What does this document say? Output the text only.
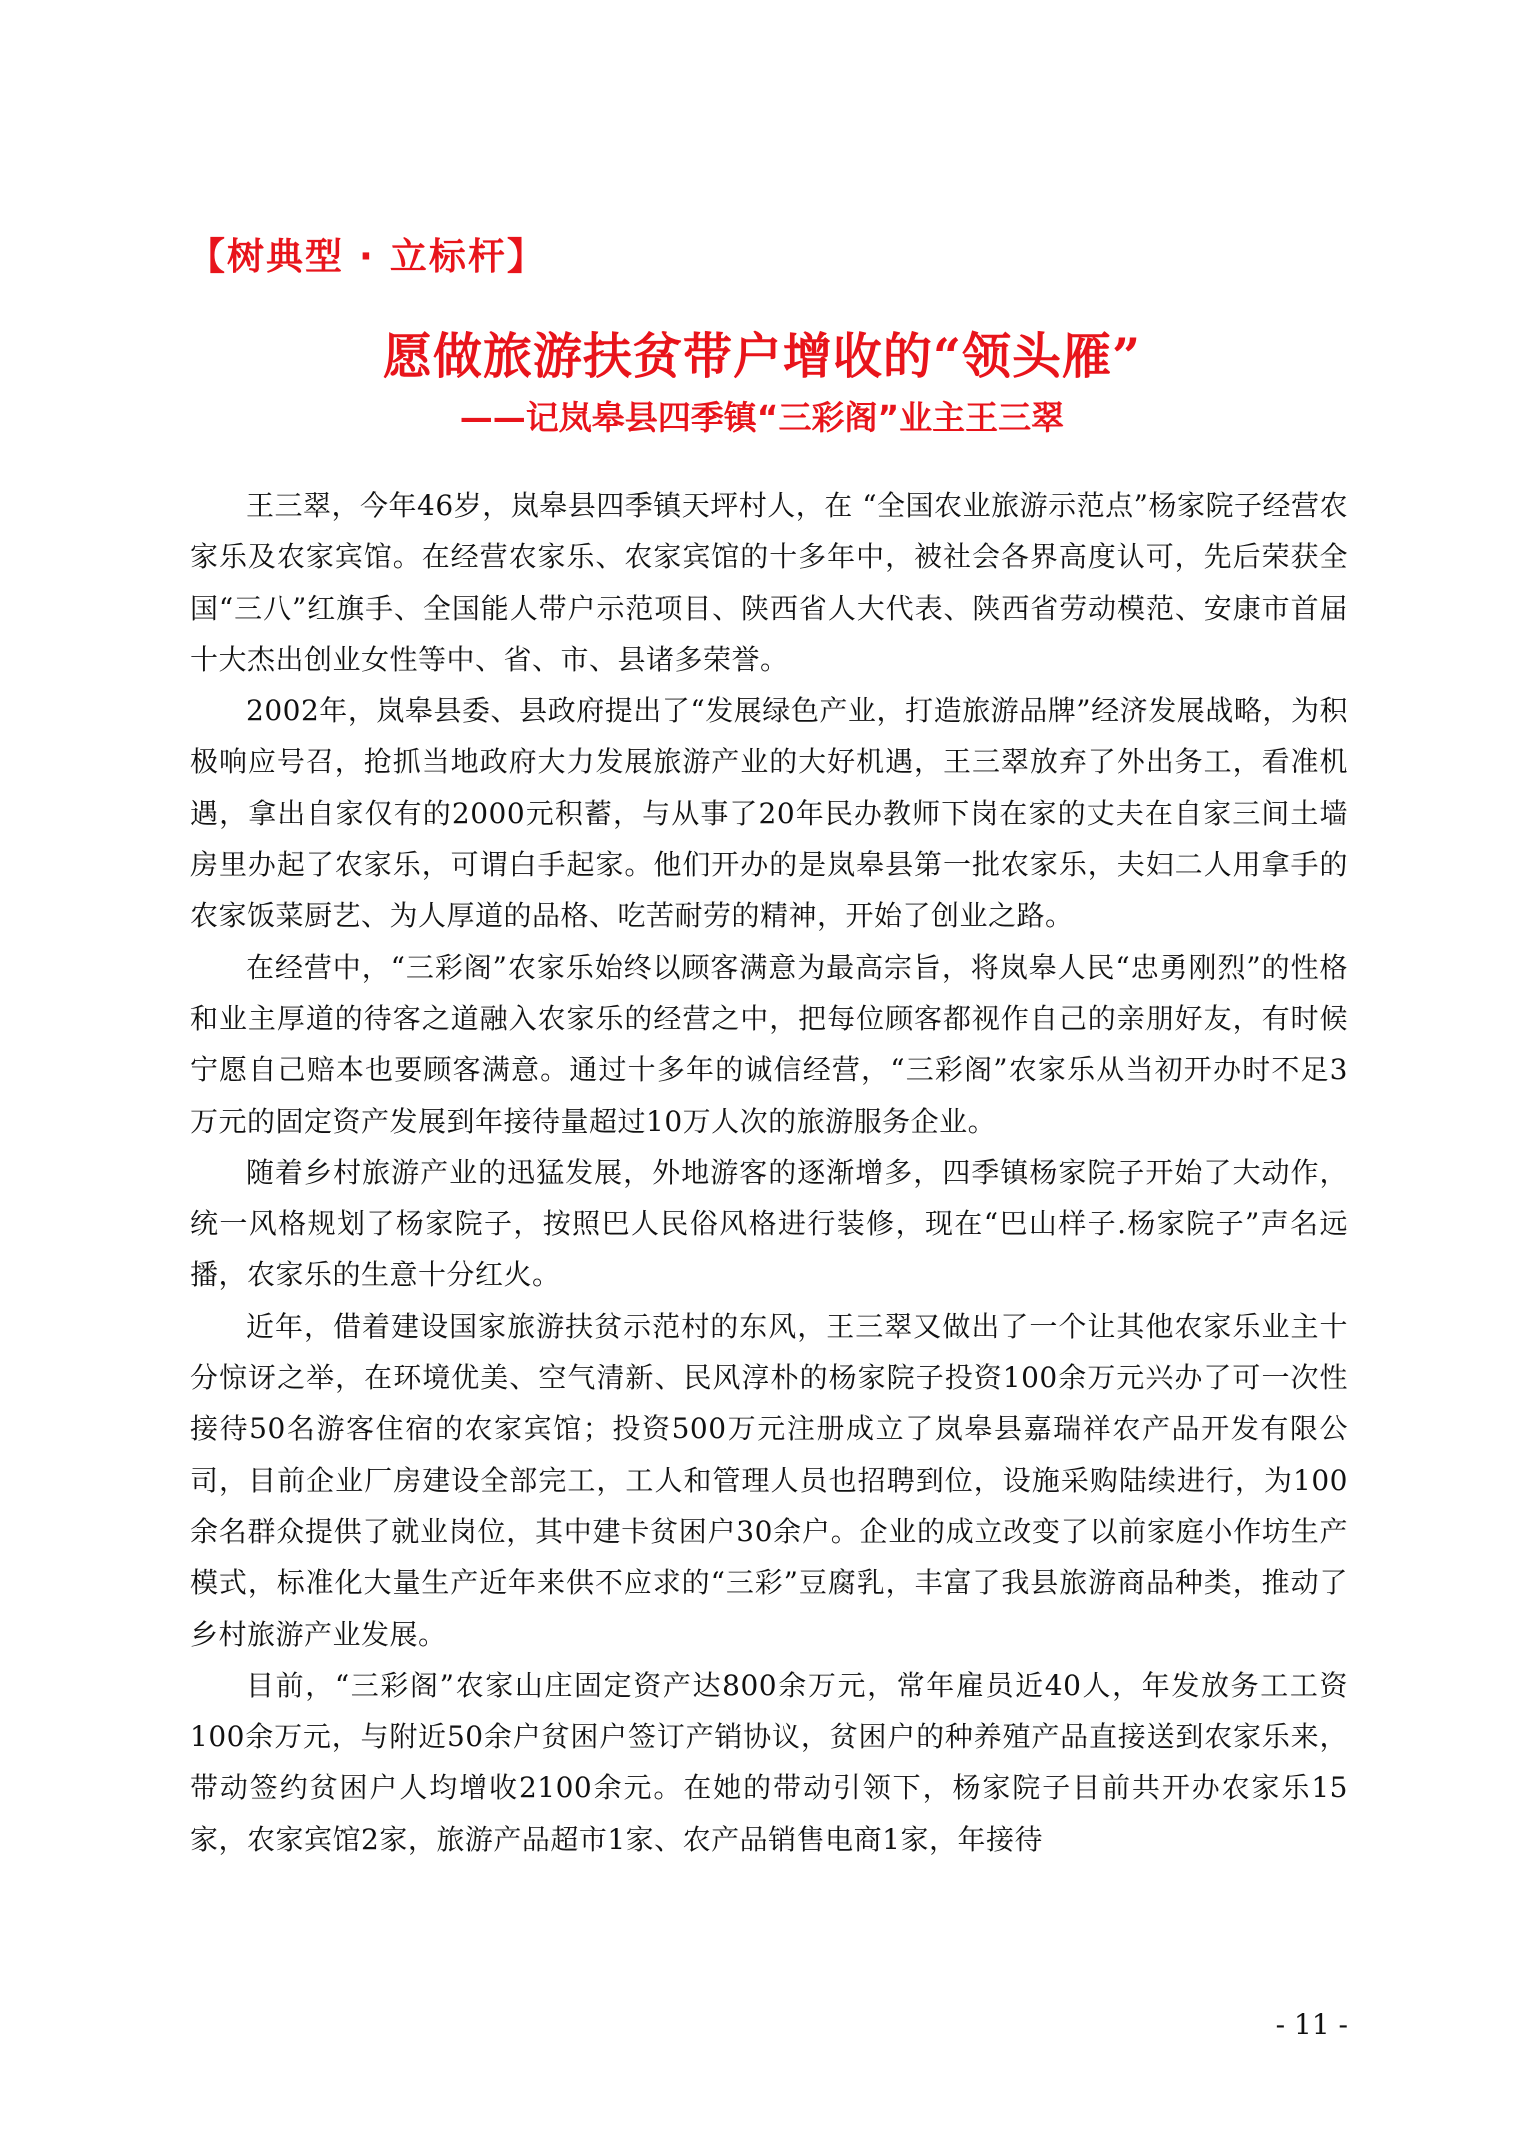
【树典型 · 立标杆】
愿做旅游扶贫带户增收的“领头雁”
——记岚皋县四季镇“三彩阁”业主王三翠

王三翠，今年46岁，岚皋县四季镇天坪村人，在 “全国农业旅游示范点”杨家院子经营农家乐及农家宾馆。在经营农家乐、农家宾馆的十多年中，被社会各界高度认可，先后荣获全国“三八”红旗手、全国能人带户示范项目、陕西省人大代表、陕西省劳动模范、安康市首届十大杰出创业女性等中、省、市、县诸多荣誉。

2002年，岚皋县委、县政府提出了“发展绿色产业，打造旅游品牌”经济发展战略，为积极响应号召，抢抓当地政府大力发展旅游产业的大好机遇，王三翠放弃了外出务工，看准机遇，拿出自家仅有的2000元积蓄，与从事了20年民办教师下岗在家的丈夫在自家三间土墙房里办起了农家乐，可谓白手起家。他们开办的是岚皋县第一批农家乐，夫妇二人用拿手的农家饭菜厨艺、为人厚道的品格、吃苦耐劳的精神，开始了创业之路。

在经营中，“三彩阁”农家乐始终以顾客满意为最高宗旨，将岚皋人民“忠勇刚烈”的性格和业主厚道的待客之道融入农家乐的经营之中，把每位顾客都视作自己的亲朋好友，有时候宁愿自己赔本也要顾客满意。通过十多年的诚信经营，“三彩阁”农家乐从当初开办时不足3万元的固定资产发展到年接待量超过10万人次的旅游服务企业。

随着乡村旅游产业的迅猛发展，外地游客的逐渐增多，四季镇杨家院子开始了大动作，统一风格规划了杨家院子，按照巴人民俗风格进行装修，现在“巴山样子.杨家院子”声名远播，农家乐的生意十分红火。

近年，借着建设国家旅游扶贫示范村的东风，王三翠又做出了一个让其他农家乐业主十分惊讶之举，在环境优美、空气清新、民风淳朴的杨家院子投资100余万元兴办了可一次性接待50名游客住宿的农家宾馆；投资500万元注册成立了岚皋县嘉瑞祥农产品开发有限公司，目前企业厂房建设全部完工，工人和管理人员也招聘到位，设施采购陆续进行，为100余名群众提供了就业岗位，其中建卡贫困户30余户。企业的成立改变了以前家庭小作坊生产模式，标准化大量生产近年来供不应求的“三彩”豆腐乳，丰富了我县旅游商品种类，推动了乡村旅游产业发展。

目前，“三彩阁”农家山庄固定资产达800余万元，常年雇员近40人，年发放务工工资100余万元，与附近50余户贫困户签订产销协议，贫困户的种养殖产品直接送到农家乐来，带动签约贫困户人均增收2100余元。在她的带动引领下，杨家院子目前共开办农家乐15家，农家宾馆2家，旅游产品超市1家、农产品销售电商1家，年接待

- 11 -
